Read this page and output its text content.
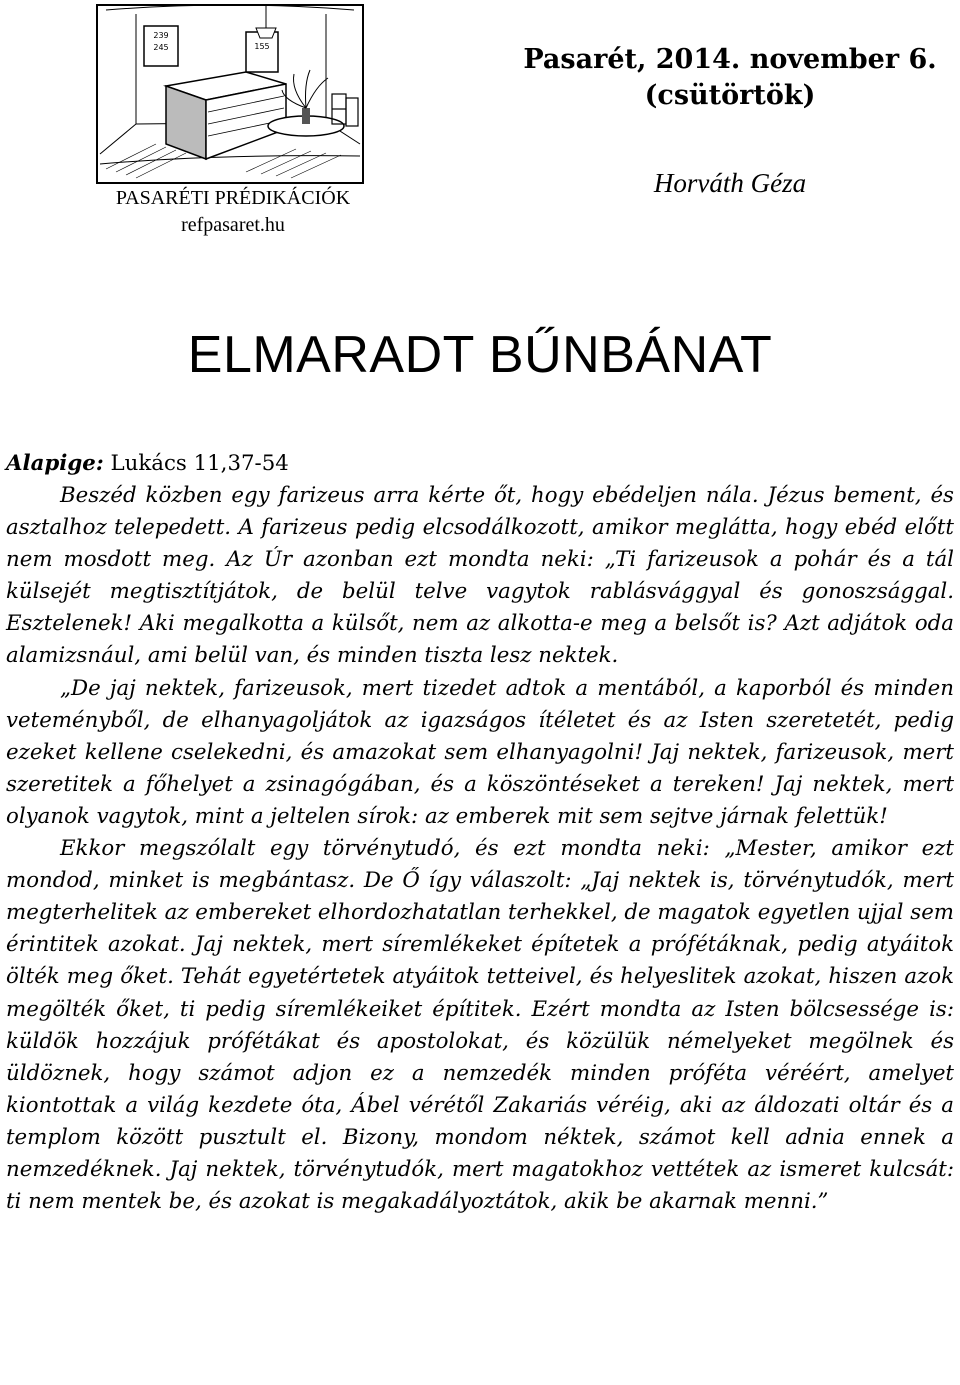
239
245	155
PASARÉTI PRÉDIKÁCIÓK
refpasaret.hu
Pasarét, 2014. november 6.
(csütörtök)
Horváth Géza
ELMARADT BŰNBÁNAT
Alapige: Lukács 11,37-54

Beszéd közben egy farizeus arra kérte őt, hogy ebédeljen nála. Jézus bement, és asztalhoz telepedett. A farizeus pedig elcsodálkozott, amikor meglátta, hogy ebéd előtt nem mosdott meg. Az Úr azonban ezt mondta neki: „Ti farizeusok a pohár és a tál külsejét megtisztítjátok, de belül telve vagytok rablásvággyal és gonoszsággal. Esztelenek! Aki megalkotta a külsőt, nem az alkotta-e meg a belsőt is? Azt adjátok oda alamizsnául, ami belül van, és minden tiszta lesz nektek.

„De jaj nektek, farizeusok, mert tizedet adtok a mentából, a kaporból és minden veteményből, de elhanyagoljátok az igazságos ítéletet és az Isten szeretetét, pedig ezeket kellene cselekedni, és amazokat sem elhanyagolni! Jaj nektek, farizeusok, mert szeretitek a főhelyet a zsinagógában, és a köszöntéseket a tereken! Jaj nektek, mert olyanok vagytok, mint a jeltelen sírok: az emberek mit sem sejtve járnak felettük!

Ekkor megszólalt egy törvénytudó, és ezt mondta neki: „Mester, amikor ezt mondod, minket is megbántasz. De Ő így válaszolt: „Jaj nektek is, törvénytudók, mert megterhelitek az embereket elhordozhatatlan terhekkel, de magatok egyetlen ujjal sem érintitek azokat. Jaj nektek, mert síremlékeket építetek a prófétáknak, pedig atyáitok ölték meg őket. Tehát egyetértetek atyáitok tetteivel, és helyeslitek azokat, hiszen azok megölték őket, ti pedig síremlékeiket építitek. Ezért mondta az Isten bölcsessége is: küldök hozzájuk prófétákat és apostolokat, és közülük némelyeket megölnek és üldöznek, hogy számot adjon ez a nemzedék minden próféta véréért, amelyet kiontottak a világ kezdete óta, Ábel vérétől Zakariás véréig, aki az áldozati oltár és a templom között pusztult el. Bizony, mondom néktek, számot kell adnia ennek a nemzedéknek. Jaj nektek, törvénytudók, mert magatokhoz vettétek az ismeret kulcsát: ti nem mentek be, és azokat is megakadályoztátok, akik be akarnak menni.”
